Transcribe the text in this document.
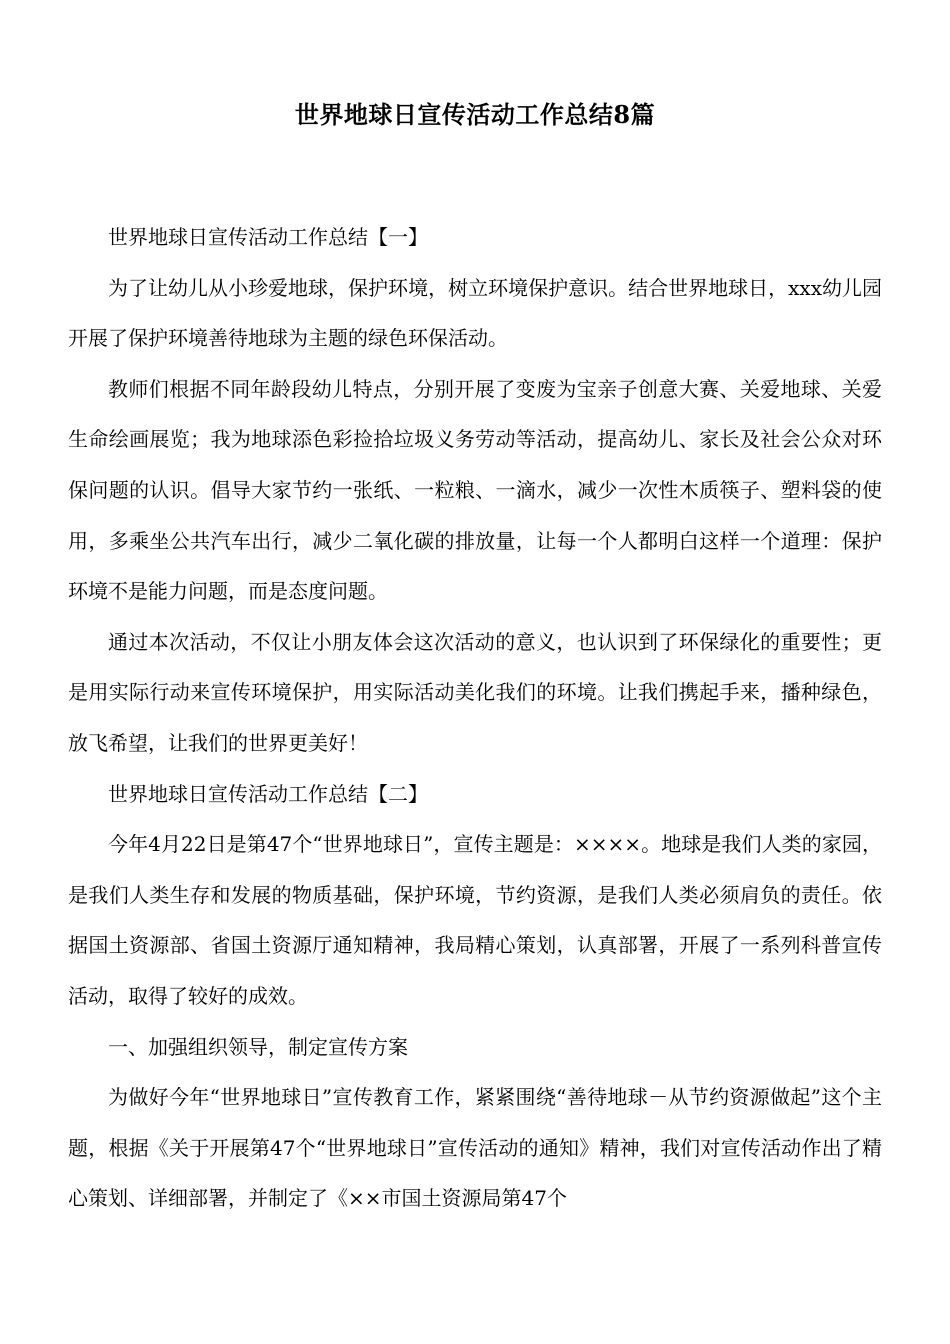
世界地球日宣传活动工作总结8篇

世界地球日宣传活动工作总结【一】

为了让幼儿从小珍爱地球，保护环境，树立环境保护意识。结合世界地球日，xxx幼儿园开展了保护环境善待地球为主题的绿色环保活动。

教师们根据不同年龄段幼儿特点，分别开展了变废为宝亲子创意大赛、关爱地球、关爱生命绘画展览；我为地球添色彩捡拾垃圾义务劳动等活动，提高幼儿、家长及社会公众对环保问题的认识。倡导大家节约一张纸、一粒粮、一滴水，减少一次性木质筷子、塑料袋的使用，多乘坐公共汽车出行，减少二氧化碳的排放量，让每一个人都明白这样一个道理：保护环境不是能力问题，而是态度问题。

通过本次活动，不仅让小朋友体会这次活动的意义，也认识到了环保绿化的重要性；更是用实际行动来宣传环境保护，用实际活动美化我们的环境。让我们携起手来，播种绿色，放飞希望，让我们的世界更美好！

世界地球日宣传活动工作总结【二】

今年4月22日是第47个“世界地球日”，宣传主题是：××××。地球是我们人类的家园，是我们人类生存和发展的物质基础，保护环境，节约资源，是我们人类必须肩负的责任。依据国土资源部、省国土资源厅通知精神，我局精心策划，认真部署，开展了一系列科普宣传活动，取得了较好的成效。

一、加强组织领导，制定宣传方案

为做好今年“世界地球日”宣传教育工作，紧紧围绕“善待地球－从节约资源做起”这个主题，根据《关于开展第47个“世界地球日”宣传活动的通知》精神，我们对宣传活动作出了精心策划、详细部署，并制定了《××市国土资源局第47个
